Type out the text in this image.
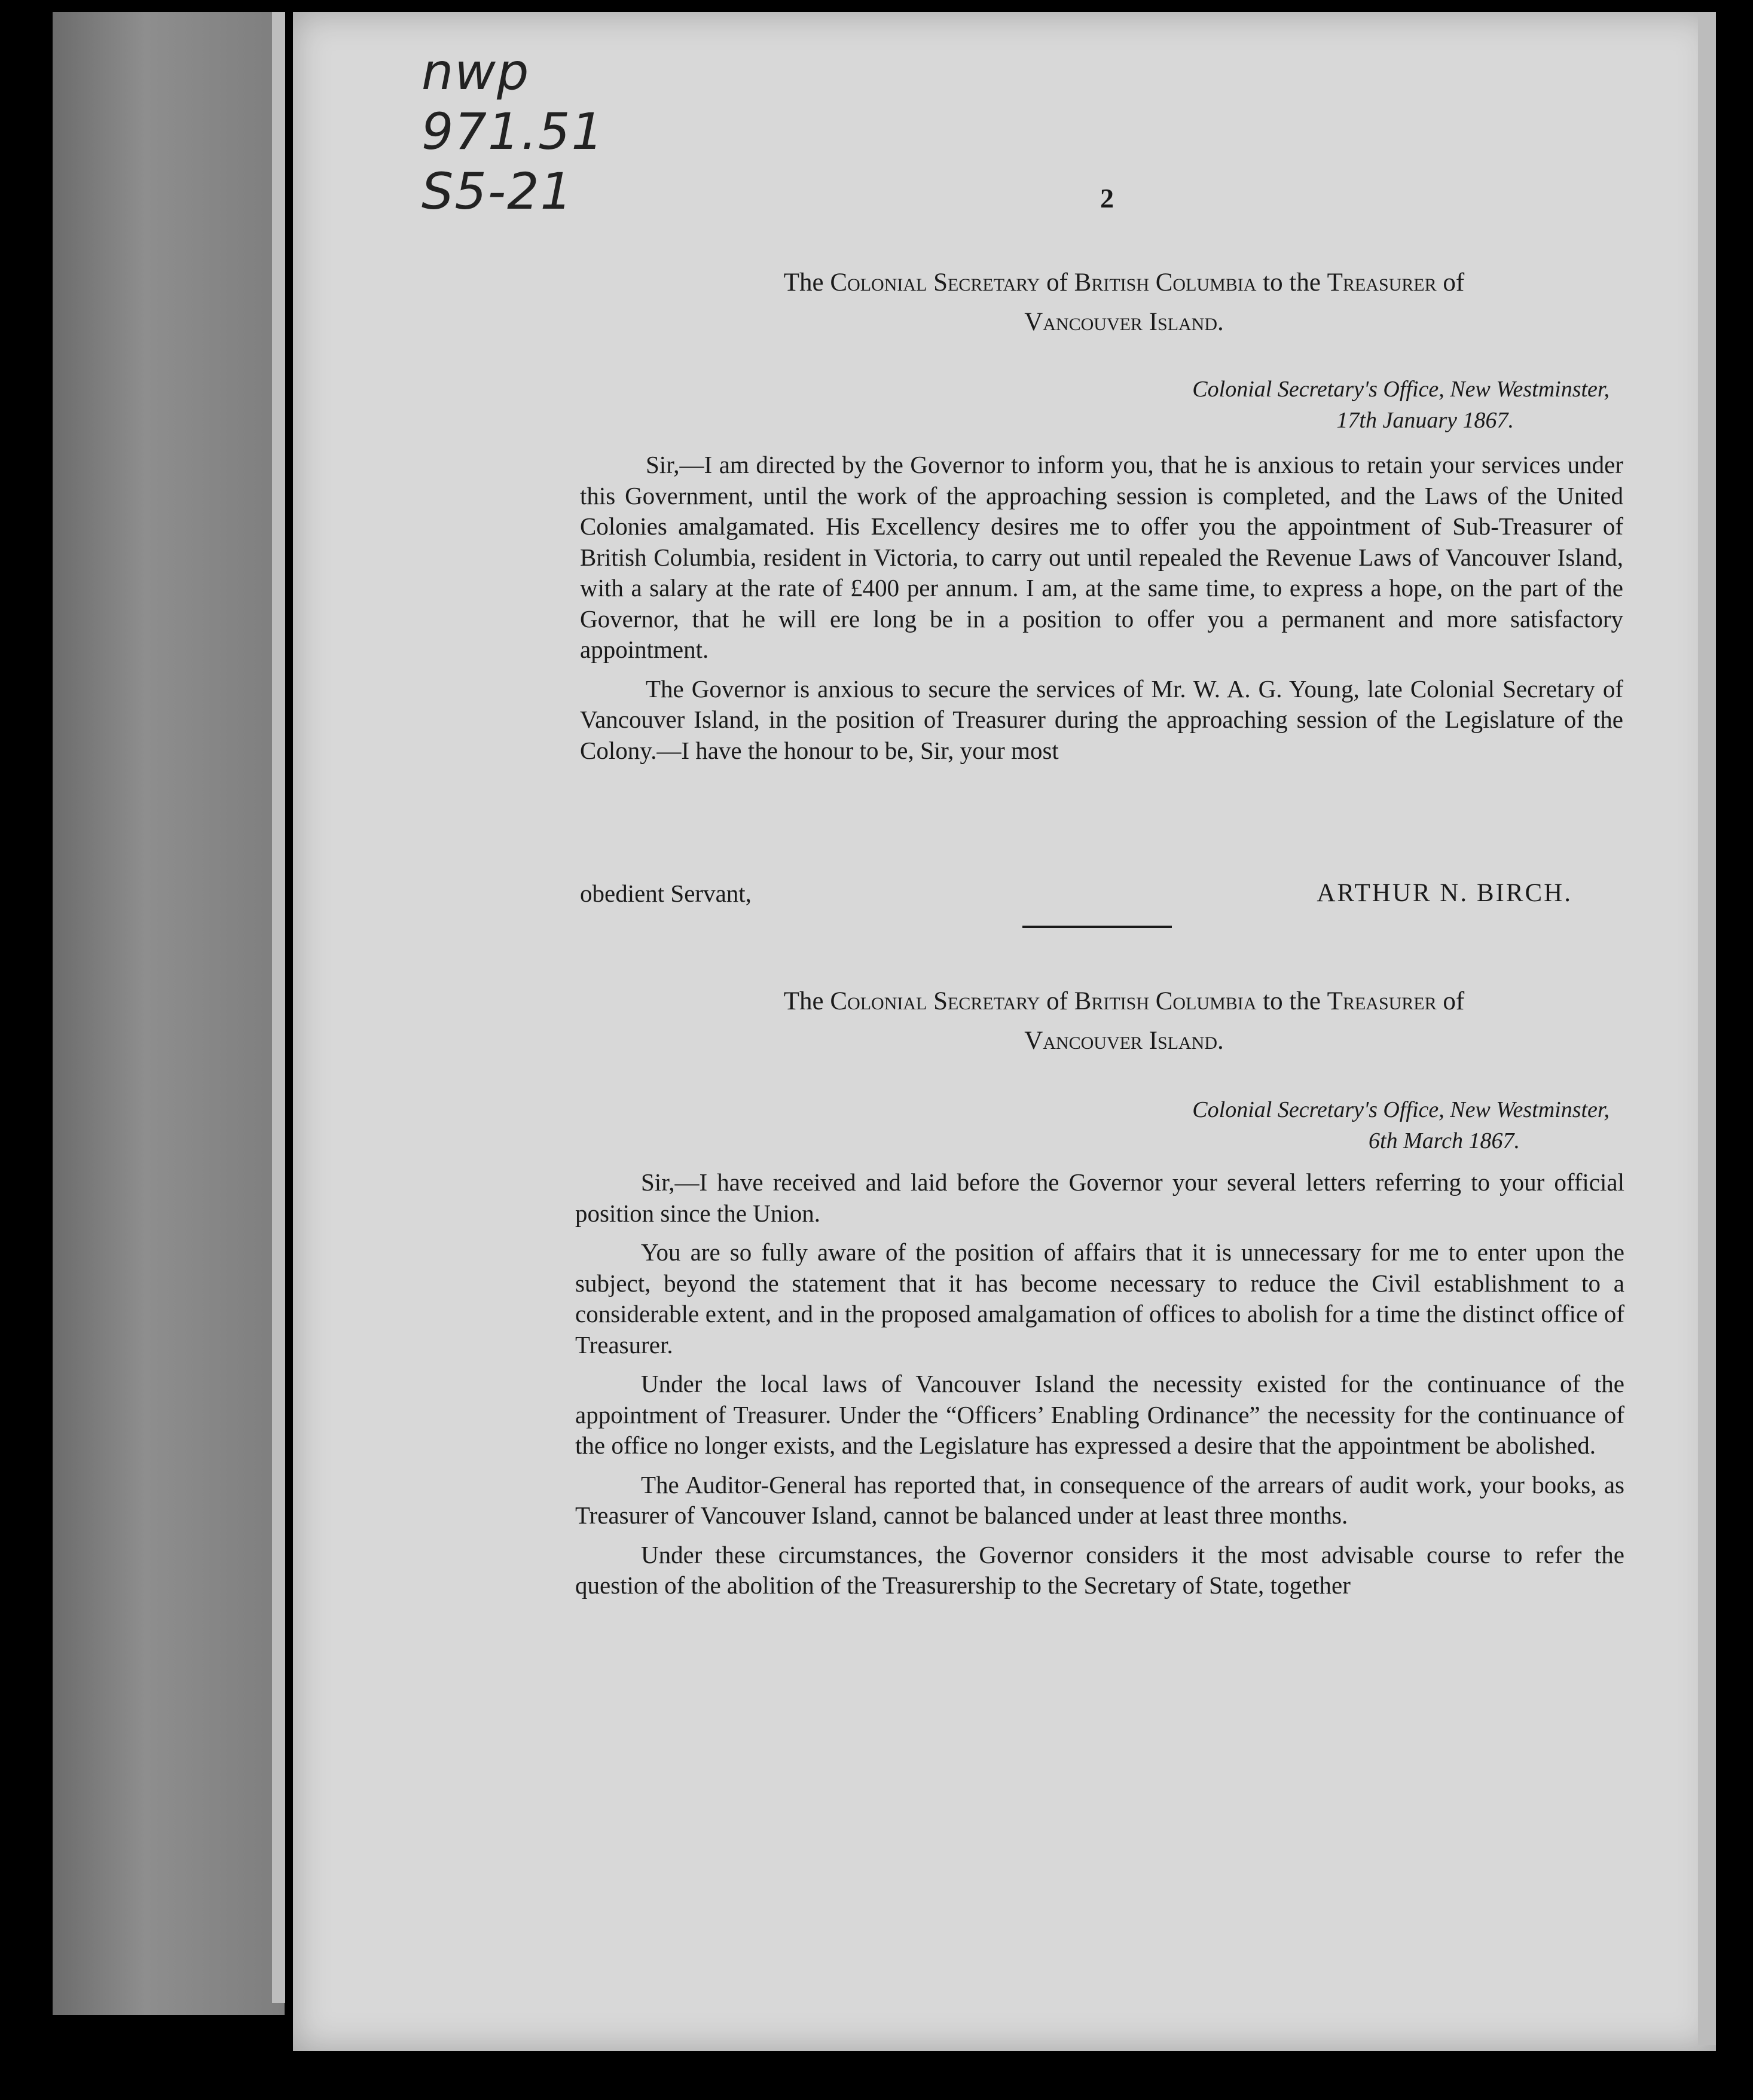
nwp
971.51
S5-21	2
The Colonial Secretary of British Columbia to the Treasurer of
Vancouver Island.
Colonial Secretary's Office, New Westminster,
17th January 1867.

Sir,—I am directed by the Governor to inform you, that he is anxious to retain your services under this Government, until the work of the approaching session is completed, and the Laws of the United Colonies amalgamated. His Excellency desires me to offer you the appointment of Sub-Treasurer of British Columbia, resident in Victoria, to carry out until repealed the Revenue Laws of Vancouver Island, with a salary at the rate of £400 per annum. I am, at the same time, to express a hope, on the part of the Governor, that he will ere long be in a position to offer you a permanent and more satisfactory appointment.

The Governor is anxious to secure the services of Mr. W. A. G. Young, late Colonial Secretary of Vancouver Island, in the position of Treasurer during the approaching session of the Legislature of the Colony.—I have the honour to be, Sir, your most

obedient Servant,	ARTHUR N. BIRCH.
The Colonial Secretary of British Columbia to the Treasurer of
Vancouver Island.
Colonial Secretary's Office, New Westminster,
6th March 1867.

Sir,—I have received and laid before the Governor your several letters referring to your official position since the Union.

You are so fully aware of the position of affairs that it is unnecessary for me to enter upon the subject, beyond the statement that it has become necessary to reduce the Civil establishment to a considerable extent, and in the proposed amalgamation of offices to abolish for a time the distinct office of Treasurer.

Under the local laws of Vancouver Island the necessity existed for the continuance of the appointment of Treasurer. Under the “Officers’ Enabling Ordinance” the necessity for the continuance of the office no longer exists, and the Legislature has expressed a desire that the appointment be abolished.

The Auditor-General has reported that, in consequence of the arrears of audit work, your books, as Treasurer of Vancouver Island, cannot be balanced under at least three months.

Under these circumstances, the Governor considers it the most advisable course to refer the question of the abolition of the Treasurership to the Secretary of State, together
